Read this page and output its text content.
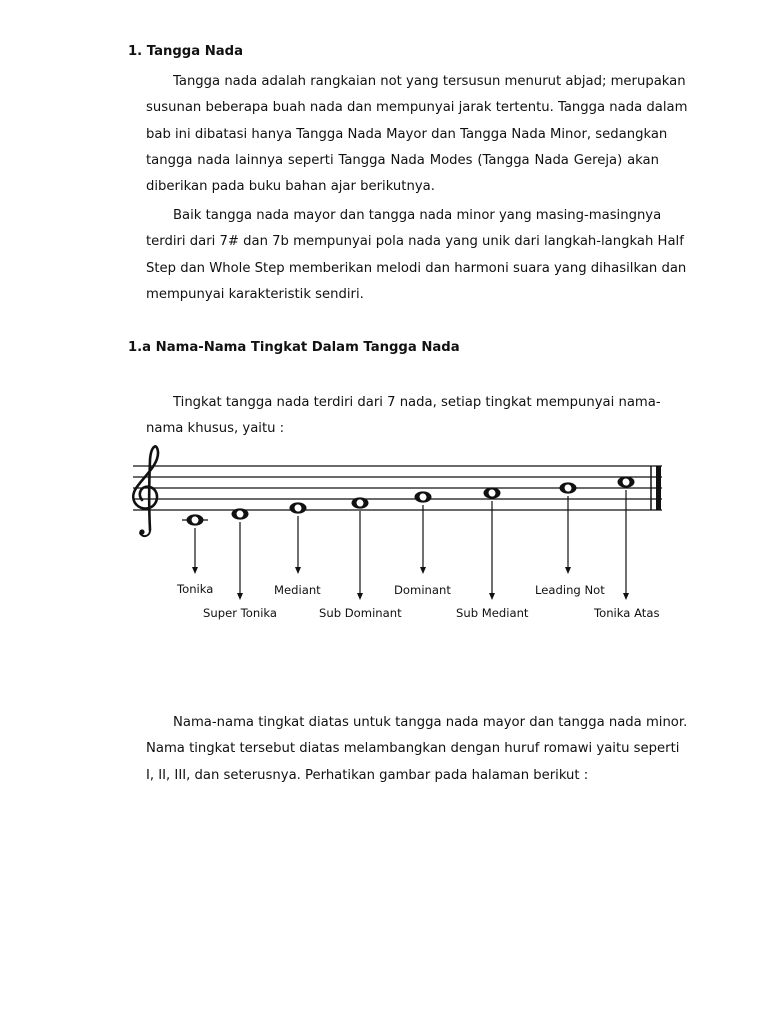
1. Tangga Nada
Tangga nada adalah rangkaian not yang tersusun menurut abjad; merupakan
susunan beberapa buah nada dan mempunyai jarak tertentu. Tangga nada dalam
bab ini dibatasi hanya Tangga Nada Mayor dan Tangga Nada Minor, sedangkan
tangga nada lainnya seperti Tangga Nada Modes (Tangga Nada Gereja) akan
diberikan pada buku bahan ajar berikutnya.
Baik tangga nada mayor dan tangga nada minor yang masing-masingnya
terdiri dari 7# dan 7b mempunyai pola nada yang unik dari langkah-langkah Half
Step dan Whole Step memberikan melodi dan harmoni suara yang dihasilkan dan
mempunyai karakteristik sendiri.
1.a Nama-Nama Tingkat Dalam Tangga Nada
Tingkat tangga nada terdiri dari 7 nada, setiap tingkat mempunyai nama-
nama khusus, yaitu :
Tonika
Super Tonika
Mediant
Sub Dominant
Dominant
Sub Mediant
Leading Not
Tonika Atas
Nama-nama tingkat diatas untuk tangga nada mayor dan tangga nada minor.
Nama tingkat tersebut diatas melambangkan dengan huruf romawi yaitu seperti
I, II, III, dan seterusnya. Perhatikan gambar pada halaman berikut :
